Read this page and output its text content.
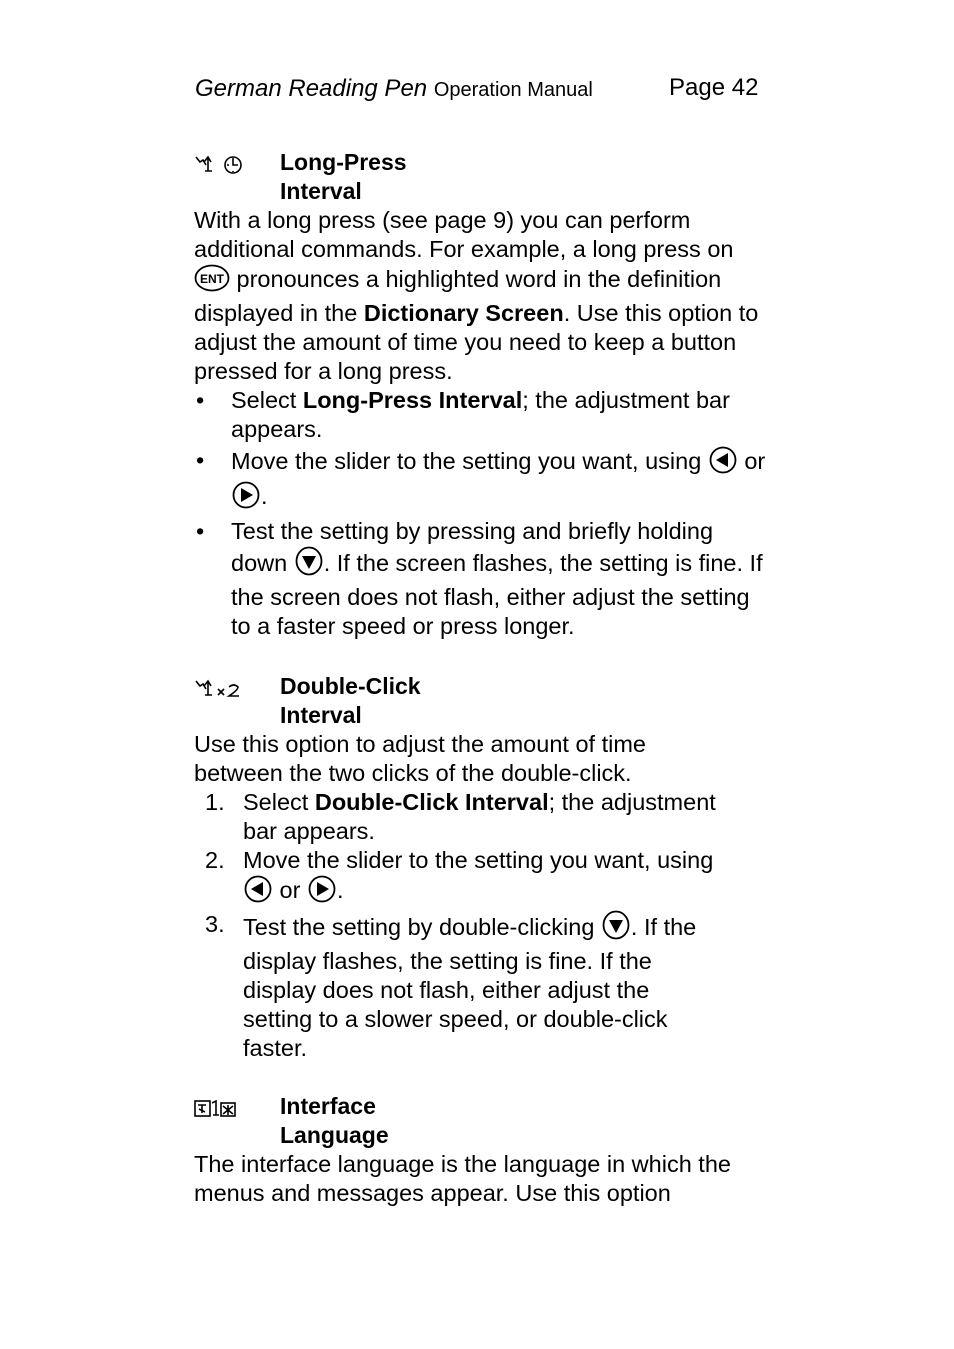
German Reading Pen Operation Manual	Page 42
Long-Press
Interval

With a long press (see page 9) you can perform additional commands. For example, a long press on
ENT pronounces a highlighted word in the definition displayed in the Dictionary Screen. Use this option to adjust the amount of time you need to keep a button pressed for a long press.

• Select Long-Press Interval; the adjustment bar appears.
• Move the slider to the setting you want, using or .
• Test the setting by pressing and briefly holding down . If the screen flashes, the setting is fine. If the screen does not flash, either adjust the setting to a faster speed or press longer.
Double-Click
Interval

Use this option to adjust the amount of time between the two clicks of the double-click.

1. Select Double-Click Interval; the adjustment bar appears.
2. Move the slider to the setting you want, using  or .
3. Test the setting by double-clicking . If the display flashes, the setting is fine. If the display does not flash, either adjust the setting to a slower speed, or double-click faster.
Interface
Language

The interface language is the language in which the menus and messages appear. Use this option
